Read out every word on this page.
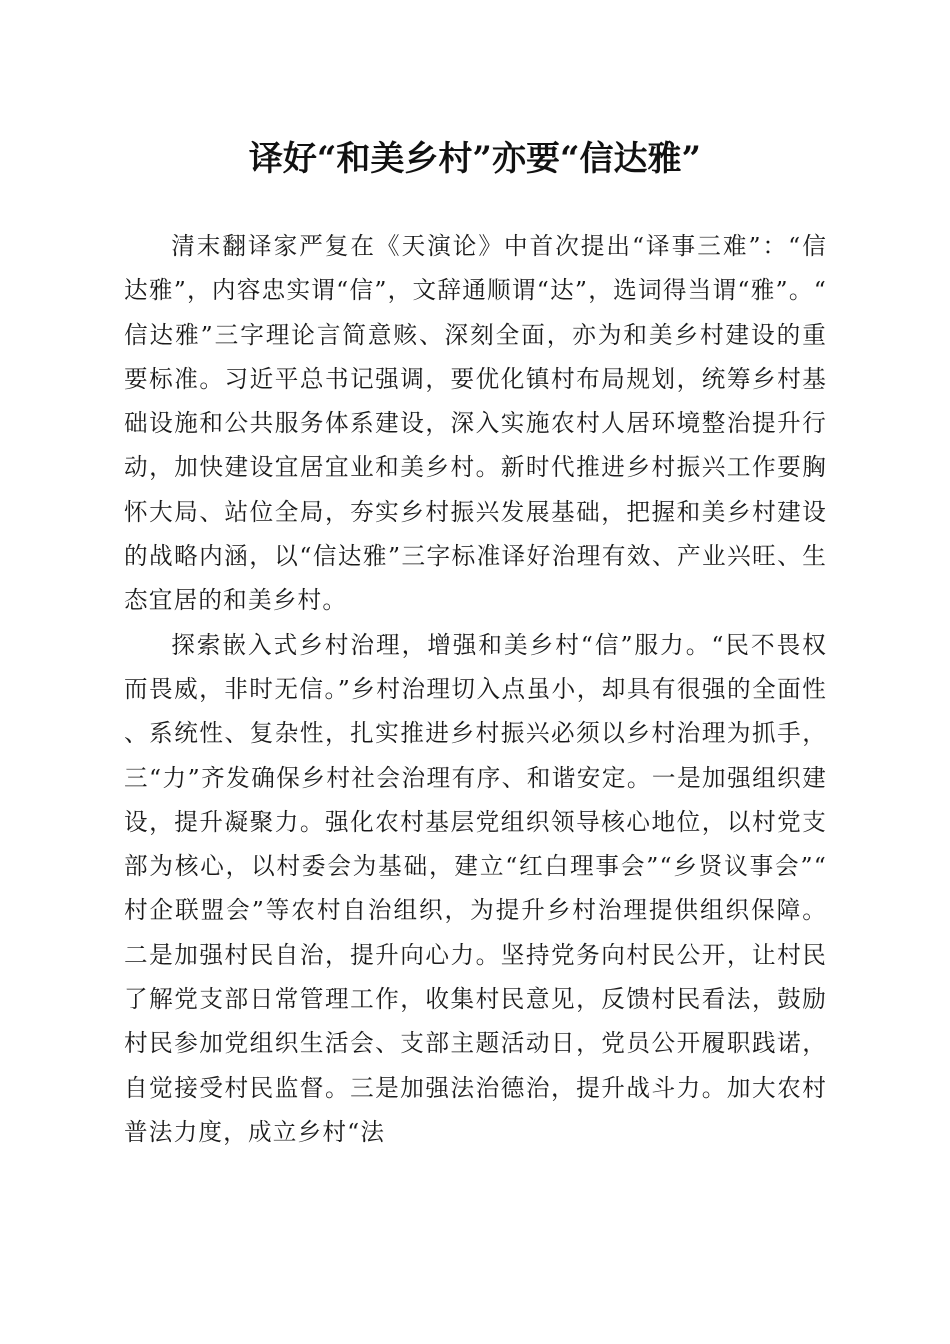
译好“和美乡村”亦要“信达雅”

清末翻译家严复在《天演论》中首次提出“译事三难”：“信达雅”，内容忠实谓“信”，文辞通顺谓“达”，选词得当谓“雅”。“信达雅”三字理论言简意赅、深刻全面，亦为和美乡村建设的重要标准。习近平总书记强调，要优化镇村布局规划，统筹乡村基础设施和公共服务体系建设，深入实施农村人居环境整治提升行动，加快建设宜居宜业和美乡村。新时代推进乡村振兴工作要胸怀大局、站位全局，夯实乡村振兴发展基础，把握和美乡村建设的战略内涵，以“信达雅”三字标准译好治理有效、产业兴旺、生态宜居的和美乡村。

探索嵌入式乡村治理，增强和美乡村“信”服力。“民不畏权而畏威，非时无信。”乡村治理切入点虽小，却具有很强的全面性、系统性、复杂性，扎实推进乡村振兴必须以乡村治理为抓手，三“力”齐发确保乡村社会治理有序、和谐安定。一是加强组织建设，提升凝聚力。强化农村基层党组织领导核心地位，以村党支部为核心，以村委会为基础，建立“红白理事会”“乡贤议事会”“村企联盟会”等农村自治组织，为提升乡村治理提供组织保障。二是加强村民自治，提升向心力。坚持党务向村民公开，让村民了解党支部日常管理工作，收集村民意见，反馈村民看法，鼓励村民参加党组织生活会、支部主题活动日，党员公开履职践诺，自觉接受村民监督。三是加强法治德治，提升战斗力。加大农村普法力度，成立乡村“法
